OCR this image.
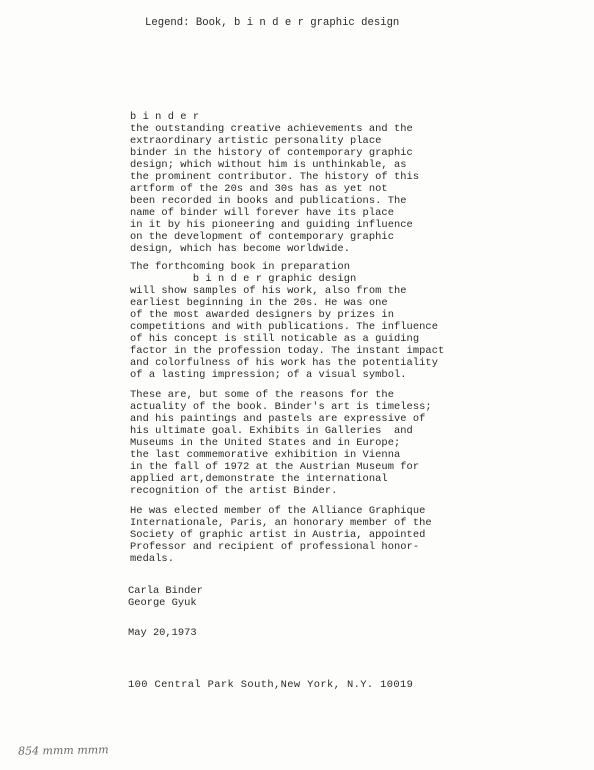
Legend: Book, b i n d e r graphic design
b i n d e r
the outstanding creative achievements and the
extraordinary artistic personality place
binder in the history of contemporary graphic
design; which without him is unthinkable, as
the prominent contributor. The history of this
artform of the 20s and 30s has as yet not
been recorded in books and publications. The
name of binder will forever have its place
in it by his pioneering and guiding influence
on the development of contemporary graphic
design, which has become worldwide.
The forthcoming book in preparation
b i n d e r graphic design
will show samples of his work, also from the
earliest beginning in the 20s. He was one
of the most awarded designers by prizes in
competitions and with publications. The influence
of his concept is still noticable as a guiding
factor in the profession today. The instant impact
and colorfulness of his work has the potentiality
of a lasting impression; of a visual symbol.
These are, but some of the reasons for the
actuality of the book. Binder's art is timeless;
and his paintings and pastels are expressive of
his ultimate goal. Exhibits in Galleries  and
Museums in the United States and in Europe;
the last commemorative exhibition in Vienna
in the fall of 1972 at the Austrian Museum for
applied art,demonstrate the international
recognition of the artist Binder.
He was elected member of the Alliance Graphique
Internationale, Paris, an honorary member of the
Society of graphic artist in Austria, appointed
Professor and recipient of professional honor-
medals.
Carla Binder
George Gyuk
May 20,1973
100 Central Park South,New York, N.Y. 10019
854 mmm mmm
